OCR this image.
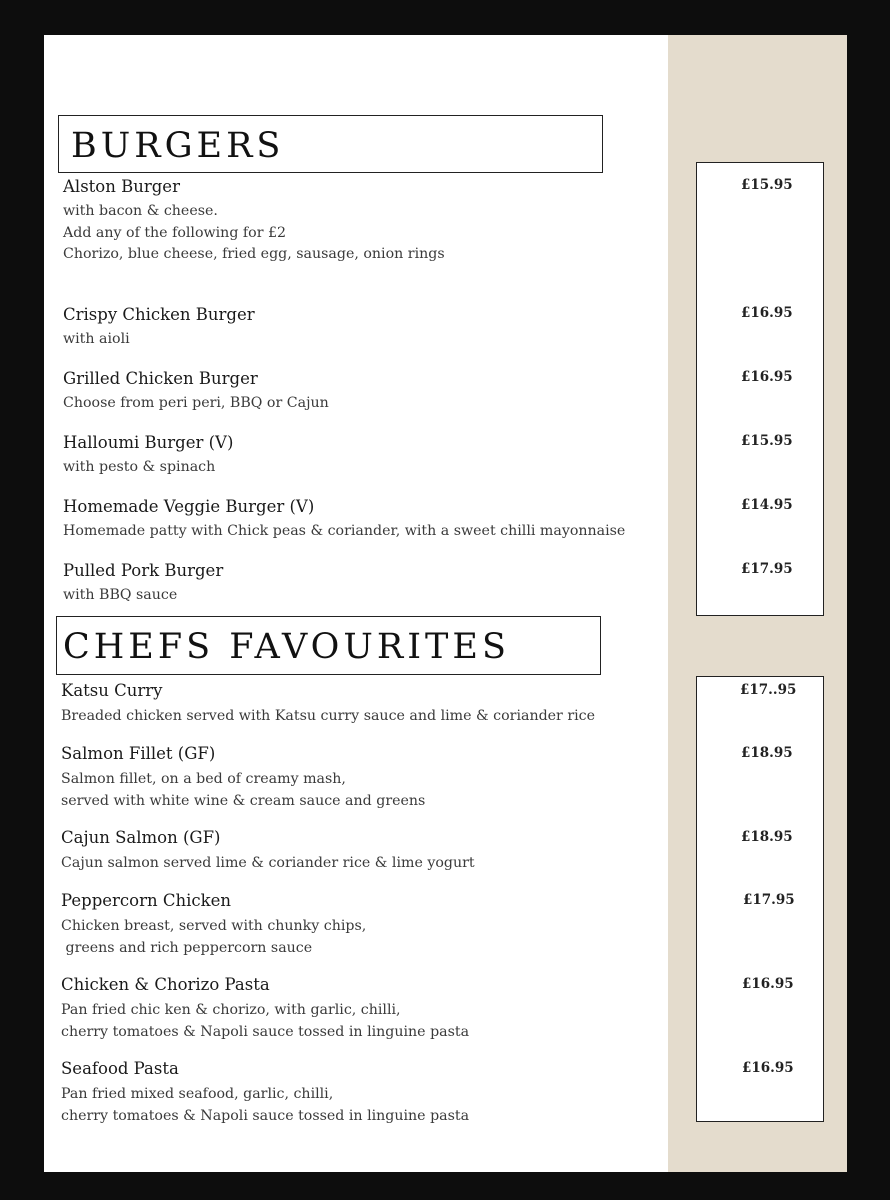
BURGERS
Alston Burger
with bacon & cheese.
Add any of the following for £2
Chorizo, blue cheese, fried egg, sausage, onion rings
£15.95
Crispy Chicken Burger
with aioli
£16.95
Grilled Chicken Burger
Choose from peri peri, BBQ or Cajun
£16.95
Halloumi Burger (V)
with pesto & spinach
£15.95
Homemade Veggie Burger (V)
Homemade patty with Chick peas & coriander, with a sweet chilli mayonnaise
£14.95
Pulled Pork Burger
with BBQ sauce
£17.95
CHEFS FAVOURITES
Katsu Curry
Breaded chicken served with Katsu curry sauce and lime & coriander rice
£17..95
Salmon Fillet (GF)
Salmon fillet, on a bed of creamy mash,
served with white wine & cream sauce and greens
£18.95
Cajun Salmon (GF)
Cajun salmon served lime & coriander rice & lime yogurt
£18.95
Peppercorn Chicken
Chicken breast, served with chunky chips,
greens and rich peppercorn sauce
£17.95
Chicken & Chorizo Pasta
Pan fried chic ken & chorizo, with garlic, chilli,
cherry tomatoes & Napoli sauce tossed in linguine pasta
£16.95
Seafood Pasta
Pan fried mixed seafood, garlic, chilli,
cherry tomatoes & Napoli sauce tossed in linguine pasta
£16.95
